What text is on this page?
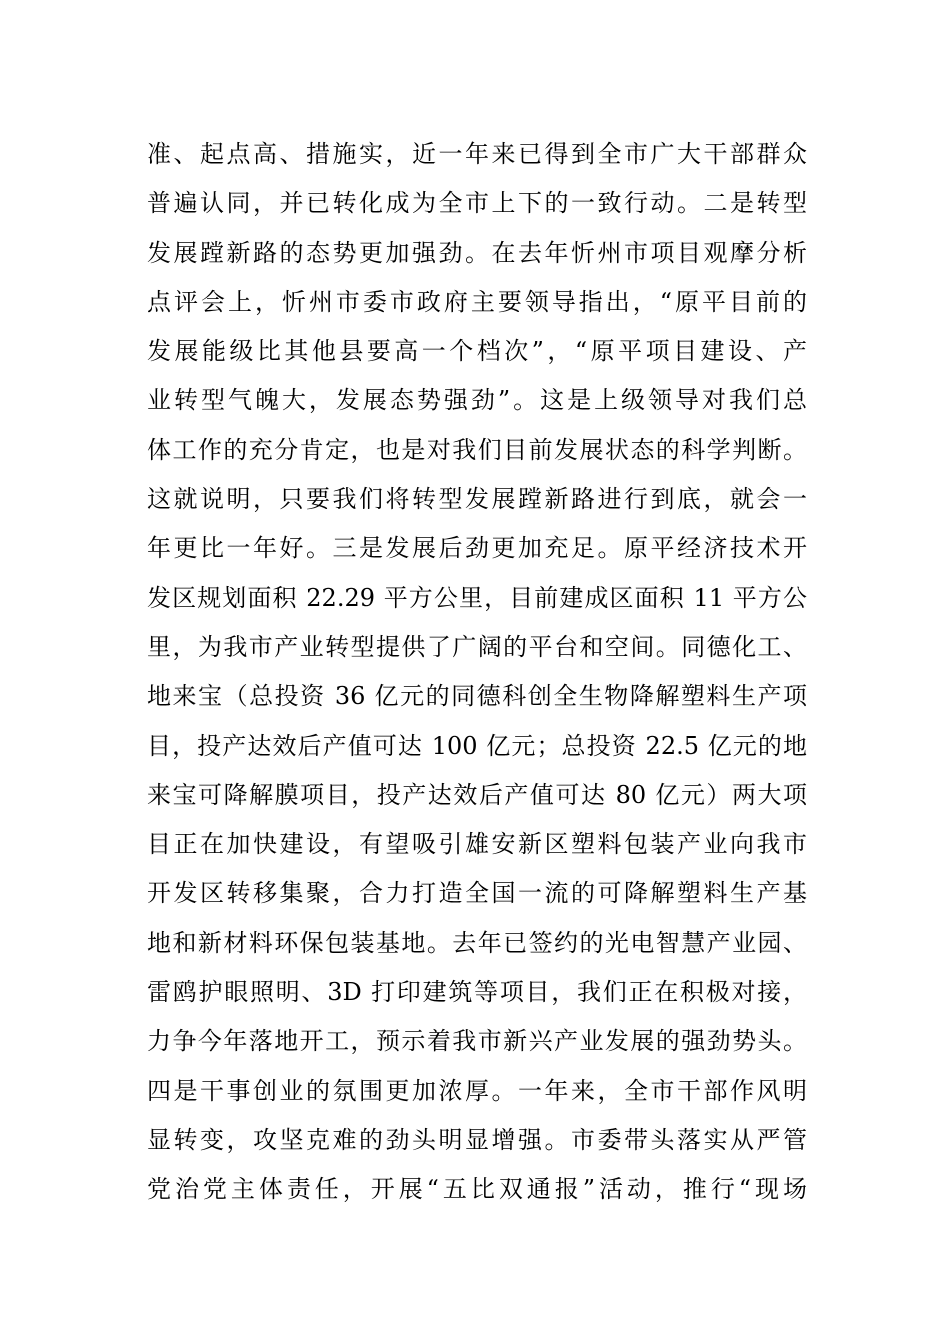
准、起点高、措施实，近一年来已得到全市广大干部群众
普遍认同，并已转化成为全市上下的一致行动。二是转型
发展蹚新路的态势更加强劲。在去年忻州市项目观摩分析
点评会上，忻州市委市政府主要领导指出，“原平目前的
发展能级比其他县要高一个档次”，“原平项目建设、产
业转型气魄大，发展态势强劲”。这是上级领导对我们总
体工作的充分肯定，也是对我们目前发展状态的科学判断。
这就说明，只要我们将转型发展蹚新路进行到底，就会一
年更比一年好。三是发展后劲更加充足。原平经济技术开
发区规划面积 22.29 平方公里，目前建成区面积 11 平方公
里，为我市产业转型提供了广阔的平台和空间。同德化工、
地来宝（总投资 36 亿元的同德科创全生物降解塑料生产项
目，投产达效后产值可达 100 亿元；总投资 22.5 亿元的地
来宝可降解膜项目，投产达效后产值可达 80 亿元）两大项
目正在加快建设，有望吸引雄安新区塑料包装产业向我市
开发区转移集聚，合力打造全国一流的可降解塑料生产基
地和新材料环保包装基地。去年已签约的光电智慧产业园、
雷鸥护眼照明、3D 打印建筑等项目，我们正在积极对接，
力争今年落地开工，预示着我市新兴产业发展的强劲势头。
四是干事创业的氛围更加浓厚。一年来，全市干部作风明
显转变，攻坚克难的劲头明显增强。市委带头落实从严管
党治党主体责任，开展“五比双通报”活动，推行“现场
